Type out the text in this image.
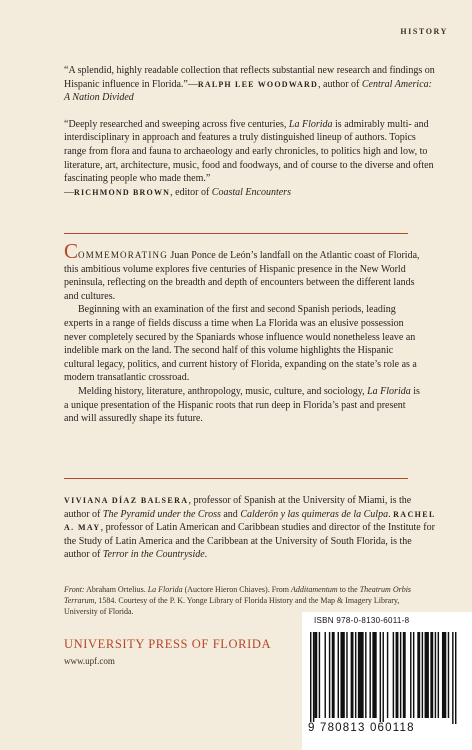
HISTORY

“A splendid, highly readable collection that reflects substantial new research and findings on Hispanic influence in Florida.”—RALPH LEE WOODWARD, author of Central America: A Nation Divided

“Deeply researched and sweeping across five centuries, La Florida is admirably multi- and interdisciplinary in approach and features a truly distinguished lineup of authors. Topics range from flora and fauna to archaeology and early chronicles, to politics high and low, to literature, art, architecture, music, food and foodways, and of course to the diverse and often fascinating people who made them.”
—RICHMOND BROWN, editor of Coastal Encounters

COMMEMORATING Juan Ponce de León’s landfall on the Atlantic coast of Florida, this ambitious volume explores five centuries of Hispanic presence in the New World peninsula, reflecting on the breadth and depth of encounters between the different lands and cultures.

Beginning with an examination of the first and second Spanish periods, leading experts in a range of fields discuss a time when La Florida was an elusive possession never completely secured by the Spaniards whose influence would nonetheless leave an indelible mark on the land. The second half of this volume highlights the Hispanic cultural legacy, politics, and current history of Florida, expanding on the state’s role as a modern transatlantic crossroad.

Melding history, literature, anthropology, music, culture, and sociology, La Florida is a unique presentation of the Hispanic roots that run deep in Florida’s past and present and will assuredly shape its future.

VIVIANA DÍAZ BALSERA, professor of Spanish at the University of Miami, is the author of The Pyramid under the Cross and Calderón y las quimeras de la Culpa. RACHEL A. MAY, professor of Latin American and Caribbean studies and director of the Institute for the Study of Latin America and the Caribbean at the University of South Florida, is the author of Terror in the Countryside.

Front: Abraham Ortelius. La Florida (Auctore Hieron Chiaves). From Additamentum to the Theatrum Orbis Terrarum, 1584. Courtesy of the P. K. Yonge Library of Florida History and the Map & Imagery Library, University of Florida.
UNIVERSITY PRESS OF FLORIDA
www.upf.com
ISBN 978-0-8130-6011-8
9 780813 060118
